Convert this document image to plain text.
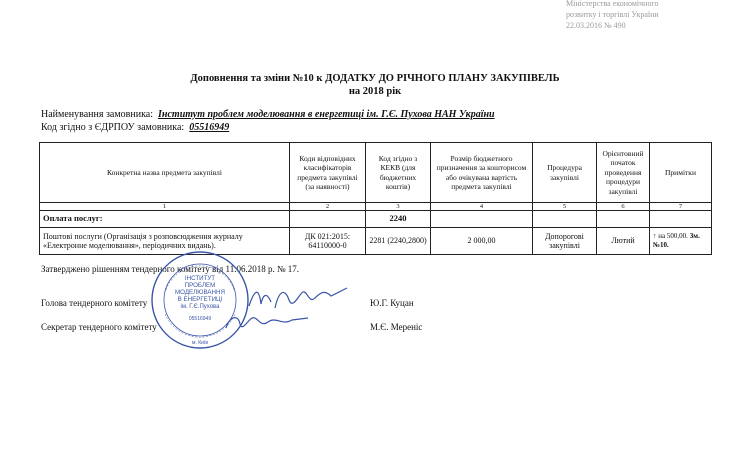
Міністерства економічного
розвитку і торгівлі України
22.03.2016 № 490
Доповнення та зміни №10 к ДОДАТКУ ДО РІЧНОГО ПЛАНУ ЗАКУПІВЕЛЬ
на 2018 рік
Найменування замовника: Інститут проблем моделювання в енергетиці ім. Г.Є. Пухова НАН України
Код згідно з ЄДРПОУ замовника: 05516949
Конкретна назва предмета закупівлі	Коди відповідних класифікаторів предмета закупівлі (за наявності)	Код згідно з КЕКВ (для бюджетних коштів)	Розмір бюджетного призначення за кошторисом або очікувана вартість предмета закупівлі	Процедура закупівлі	Орієнтовний початок проведення процедури закупівлі	Примітки
1	2	3	4	5	6	7
Оплата послуг:		2240				
Поштові послуги (Організація з розповсюдження журналу «Електронне моделювання», періодичних видань).	ДК 021:2015: 64110000-0	2281 (2240,2800)	2 000,00	Допорогові закупівлі	Лютий	↑ на 500,00. Зм.№10.
Затверджено рішенням тендерного комітету від 11.06.2018 р. № 17.
Голова тендерного комітету	Ю.Г. Куцан
Секретар тендерного комітету	М.Є. Мереніс
ІНСТИТУТ
ПРОБЛЕМ
МОДЕЛЮВАННЯ
В ЕНЕРГЕТИЦІ
ім. Г.Є.Пухова
05516949
м. Київ
